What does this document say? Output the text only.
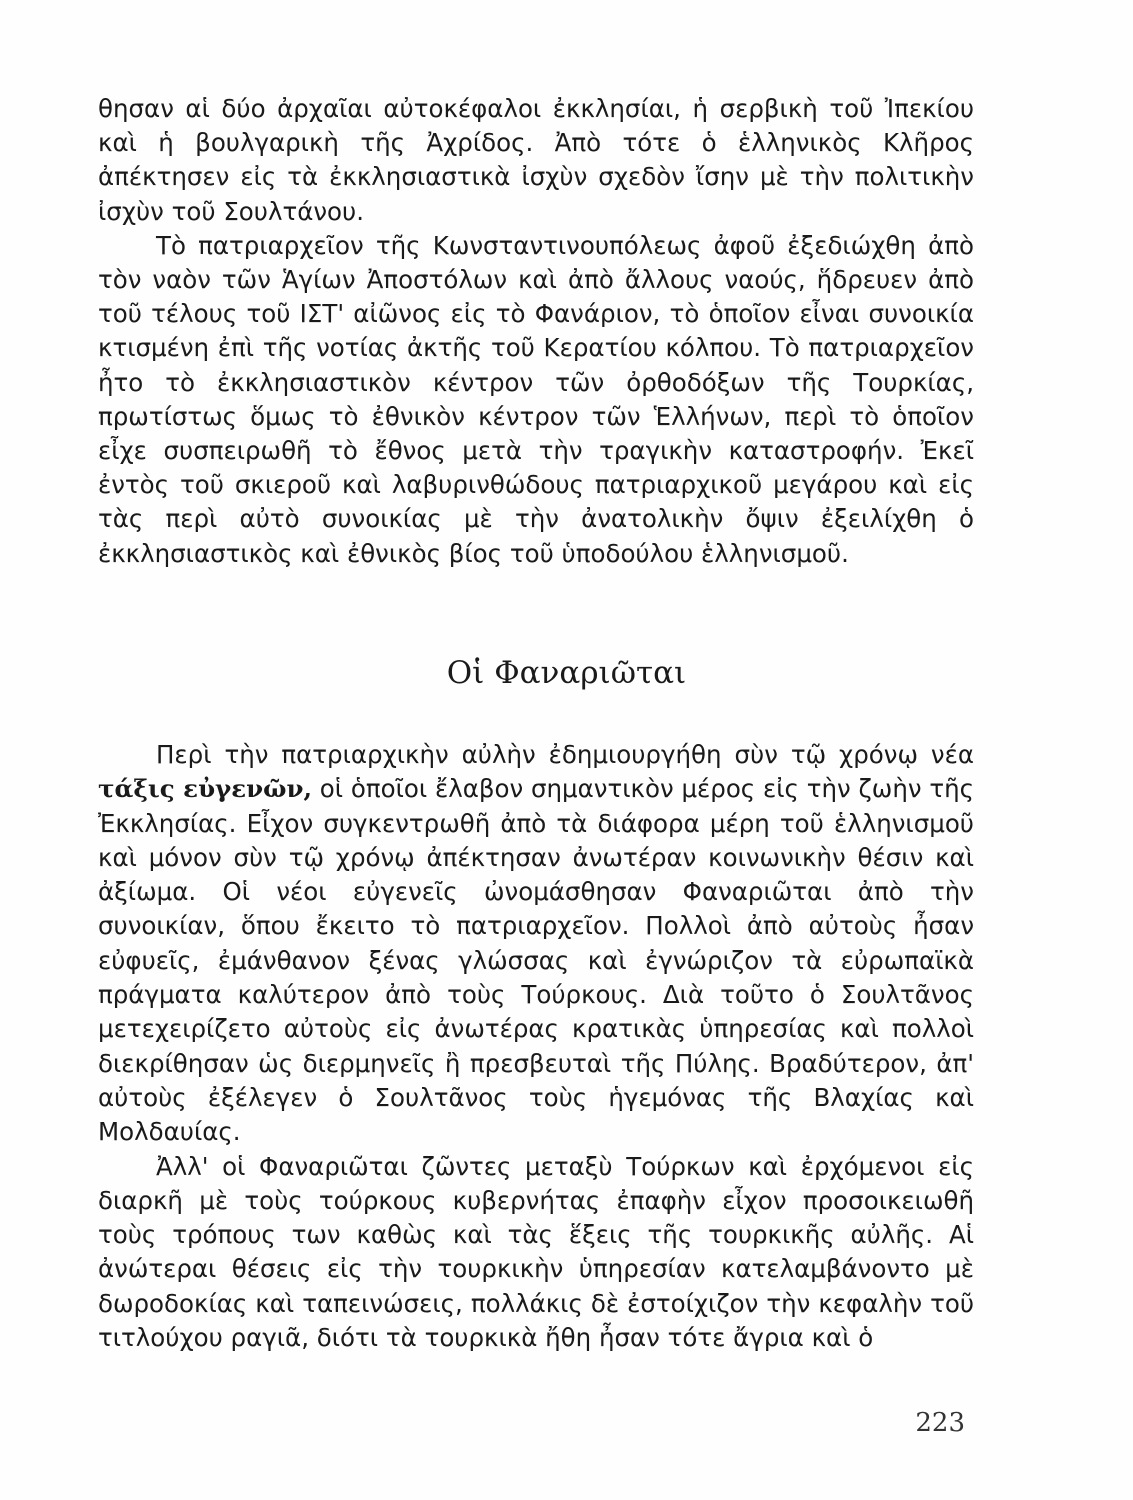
θησαν αἱ δύο ἀρχαῖαι αὐτοκέφαλοι ἐκκλησίαι, ἡ σερβικὴ τοῦ Ἰπεκίου καὶ ἡ βουλγαρικὴ τῆς Ἀχρίδος. Ἀπὸ τότε ὁ ἑλληνικὸς Κλῆρος ἀπέκτησεν εἰς τὰ ἐκκλησιαστικὰ ἰσχὺν σχεδὸν ἴσην μὲ τὴν πολιτικὴν ἰσχὺν τοῦ Σουλτάνου.

Τὸ πατριαρχεῖον τῆς Κωνσταντινουπόλεως ἀφοῦ ἐξεδιώχθη ἀπὸ τὸν ναὸν τῶν Ἁγίων Ἀποστόλων καὶ ἀπὸ ἄλλους ναούς, ἥδρευεν ἀπὸ τοῦ τέλους τοῦ ΙΣΤ' αἰῶνος εἰς τὸ Φανάριον, τὸ ὁποῖον εἶναι συνοικία κτισμένη ἐπὶ τῆς νοτίας ἀκτῆς τοῦ Κερατίου κόλπου. Τὸ πατριαρχεῖον ἦτο τὸ ἐκκλησιαστικὸν κέντρον τῶν ὀρθοδόξων τῆς Τουρκίας, πρωτίστως ὅμως τὸ ἐθνικὸν κέντρον τῶν Ἑλλήνων, περὶ τὸ ὁποῖον εἶχε συσπειρωθῆ τὸ ἔθνος μετὰ τὴν τραγικὴν καταστροφήν. Ἐκεῖ ἐντὸς τοῦ σκιεροῦ καὶ λαβυρινθώδους πατριαρχικοῦ μεγάρου καὶ εἰς τὰς περὶ αὐτὸ συνοικίας μὲ τὴν ἀνατολικὴν ὄψιν ἐξειλίχθη ὁ ἐκκλησιαστικὸς καὶ ἐθνικὸς βίος τοῦ ὑποδούλου ἑλληνισμοῦ.

Οἱ Φαναριῶται

Περὶ τὴν πατριαρχικὴν αὐλὴν ἐδημιουργήθη σὺν τῷ χρόνῳ νέα τάξις εὐγενῶν, οἱ ὁποῖοι ἔλαβον σημαντικὸν μέρος εἰς τὴν ζωὴν τῆς Ἐκκλησίας. Εἶχον συγκεντρωθῆ ἀπὸ τὰ διάφορα μέρη τοῦ ἑλληνισμοῦ καὶ μόνον σὺν τῷ χρόνῳ ἀπέκτησαν ἀνωτέραν κοινωνικὴν θέσιν καὶ ἀξίωμα. Οἱ νέοι εὐγενεῖς ὠνομάσθησαν Φαναριῶται ἀπὸ τὴν συνοικίαν, ὅπου ἔκειτο τὸ πατριαρχεῖον. Πολλοὶ ἀπὸ αὐτοὺς ἦσαν εὐφυεῖς, ἐμάνθανον ξένας γλώσσας καὶ ἐγνώριζον τὰ εὐρωπαϊκὰ πράγματα καλύτερον ἀπὸ τοὺς Τούρκους. Διὰ τοῦτο ὁ Σουλτᾶνος μετεχειρίζετο αὐτοὺς εἰς ἀνωτέρας κρατικὰς ὑπηρεσίας καὶ πολλοὶ διεκρίθησαν ὡς διερμηνεῖς ἢ πρεσβευταὶ τῆς Πύλης. Βραδύτερον, ἀπ' αὐτοὺς ἐξέλεγεν ὁ Σουλτᾶνος τοὺς ἡγεμόνας τῆς Βλαχίας καὶ Μολδαυίας.

Ἀλλ' οἱ Φαναριῶται ζῶντες μεταξὺ Τούρκων καὶ ἐρχόμενοι εἰς διαρκῆ μὲ τοὺς τούρκους κυβερνήτας ἐπαφὴν εἶχον προσοικειωθῆ τοὺς τρόπους των καθὼς καὶ τὰς ἕξεις τῆς τουρκικῆς αὐλῆς. Αἱ ἀνώτεραι θέσεις εἰς τὴν τουρκικὴν ὑπηρεσίαν κατελαμβάνοντο μὲ δωροδοκίας καὶ ταπεινώσεις, πολλάκις δὲ ἐστοίχιζον τὴν κεφαλὴν τοῦ τιτλούχου ραγιᾶ, διότι τὰ τουρκικὰ ἤθη ἦσαν τότε ἄγρια καὶ ὁ

223
